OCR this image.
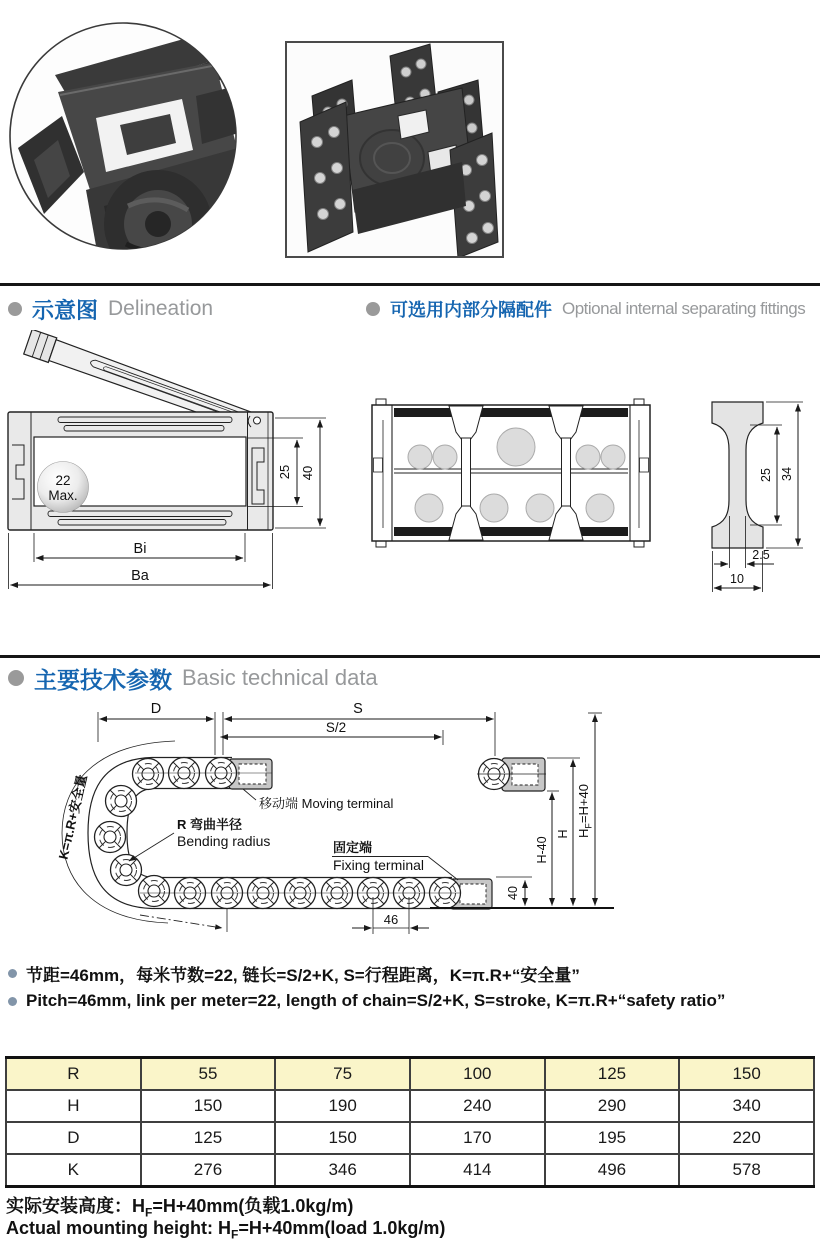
示意图 Delineation	可选用内部分隔配件 Optional internal separating fittings
22
Max.
25 40
Bi
Ba
25 34
2.5
10
主要技术参数 Basic technical data
D	S
S/2
K=π.R+安全量	移动端 Moving terminal
R 弯曲半径
Bending radius	固定端
Fixing terminal
46
40
H-40
H $H_F=H+40$
节距=46mm，每米节数=22, 链长=S/2+K, S=行程距离，K=π.R+“安全量”
Pitch=46mm, link per meter=22, length of chain=S/2+K, S=stroke, K=π.R+“safety ratio”
R	55	75	100	125	150
H	150	190	240	290	340
D	125	150	170	195	220
K	276	346	414	496	578
实际安装高度：$H_F=H+40mm$(负载1.0kg/m)
Actual mounting height: $H_F=H+40mm(load$ 1.0kg/m)
